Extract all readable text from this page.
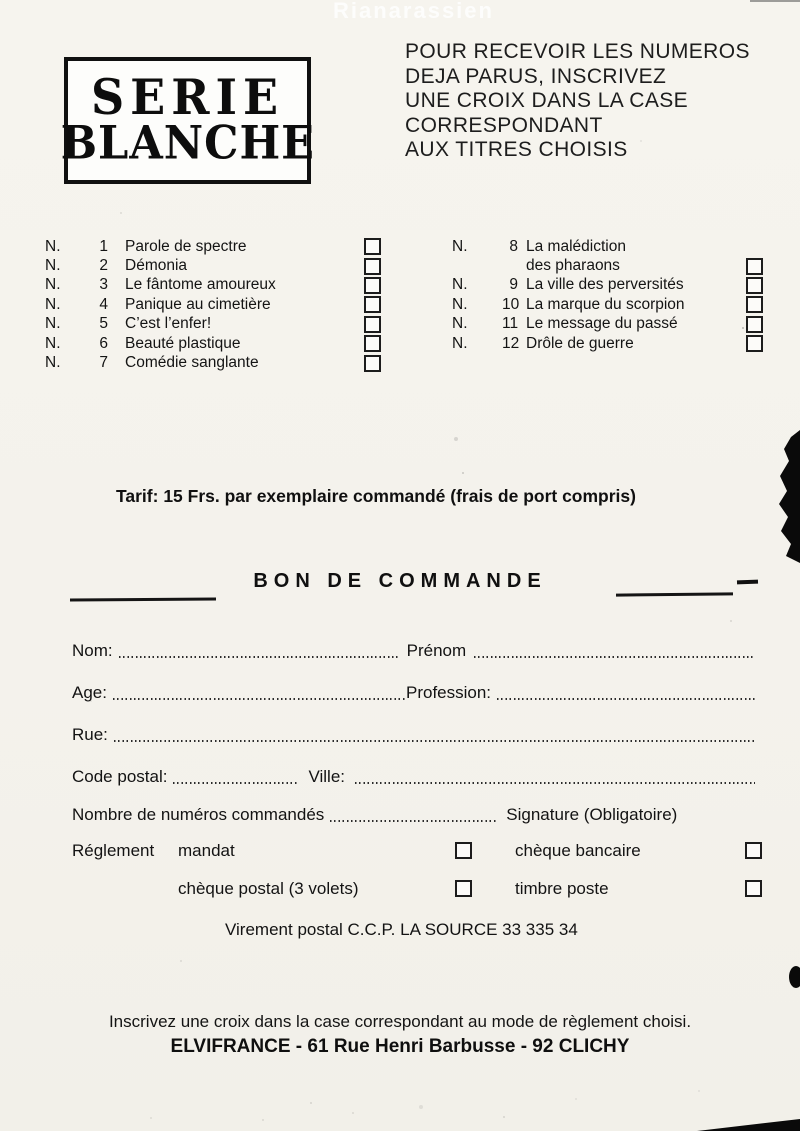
Rianarassien
SERIE
BLANCHE
POUR RECEVOIR LES NUMEROS
DEJA PARUS, INSCRIVEZ
UNE CROIX DANS LA CASE
CORRESPONDANT
AUX TITRES CHOISIS
N.	1 Parole de spectre
N.	2 Démonia
N.	3 Le fântome amoureux
N.	4 Panique au cimetière
N.	5 C’est l’enfer!
N.	6 Beauté plastique
N.	7 Comédie sanglante
N.	8 La malédiction
des pharaons
N.	9 La ville des perversités
N.	10 La marque du scorpion
N.	11 Le message du passé
N.	12 Drôle de guerre
Tarif: 15 Frs. par exemplaire commandé (frais de port compris)
BON DE COMMANDE
Nom:	Prénom
Age:	Profession:
Rue:
Code postal:	Ville:
Nombre de numéros commandés	Signature (Obligatoire)
Réglement mandat	chèque bancaire
chèque postal (3 volets)	timbre poste
Virement postal C.C.P. LA SOURCE 33 335 34
Inscrivez une croix dans la case correspondant au mode de règlement choisi.
ELVIFRANCE - 61 Rue Henri Barbusse - 92 CLICHY
